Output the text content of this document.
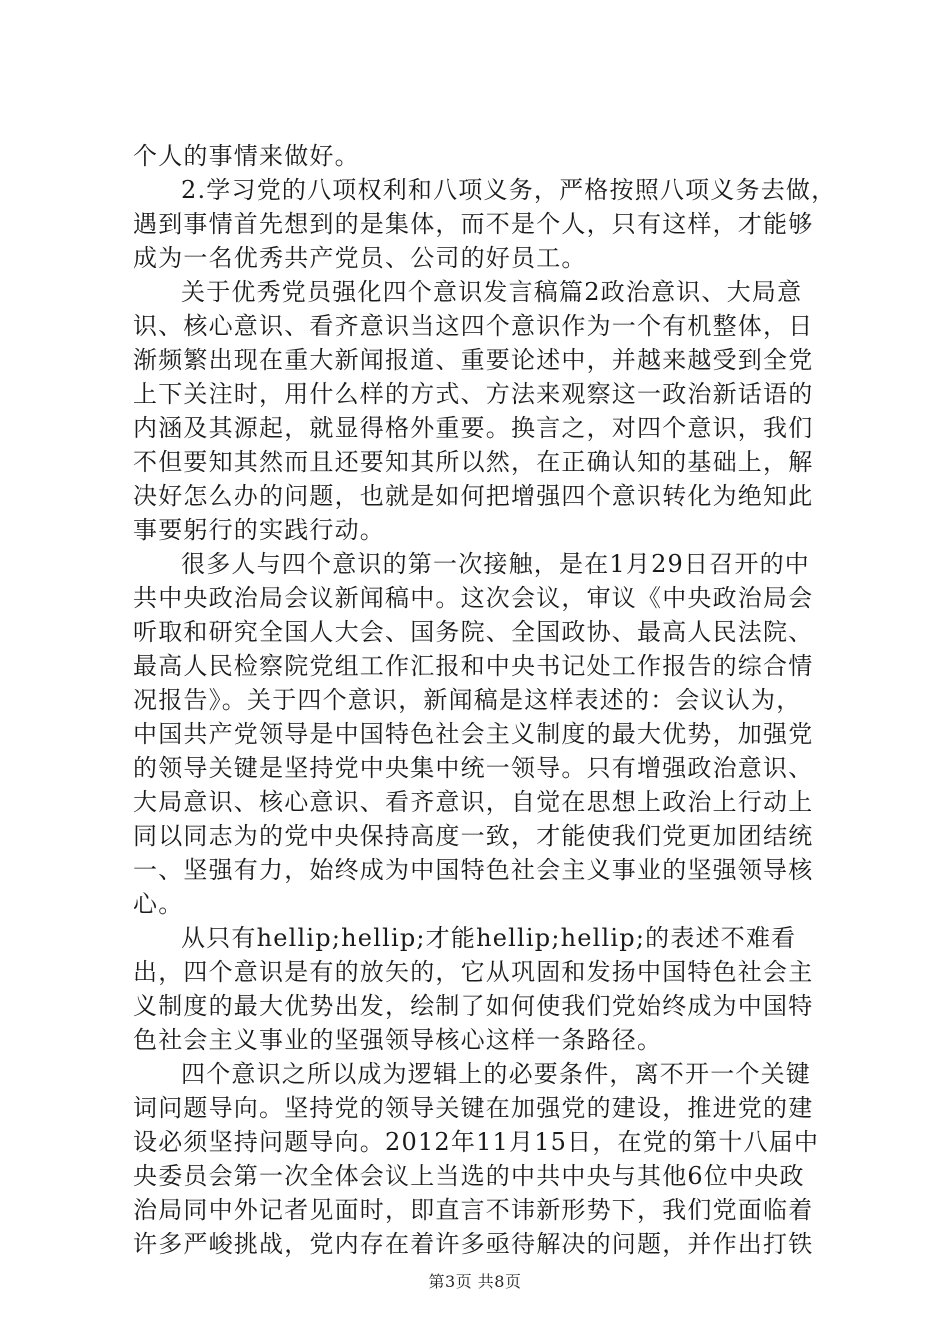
个人的事情来做好。
2.学习党的八项权利和八项义务，严格按照八项义务去做，
遇到事情首先想到的是集体，而不是个人，只有这样，才能够
成为一名优秀共产党员、公司的好员工。
关于优秀党员强化四个意识发言稿篇2政治意识、大局意
识、核心意识、看齐意识当这四个意识作为一个有机整体，日
渐频繁出现在重大新闻报道、重要论述中，并越来越受到全党
上下关注时，用什么样的方式、方法来观察这一政治新话语的
内涵及其源起，就显得格外重要。换言之，对四个意识，我们
不但要知其然而且还要知其所以然，在正确认知的基础上，解
决好怎么办的问题，也就是如何把增强四个意识转化为绝知此
事要躬行的实践行动。
很多人与四个意识的第一次接触，是在1月29日召开的中
共中央政治局会议新闻稿中。这次会议，审议《中央政治局会
听取和研究全国人大会、国务院、全国政协、最高人民法院、
最高人民检察院党组工作汇报和中央书记处工作报告的综合情
况报告》。关于四个意识，新闻稿是这样表述的：会议认为，
中国共产党领导是中国特色社会主义制度的最大优势，加强党
的领导关键是坚持党中央集中统一领导。只有增强政治意识、
大局意识、核心意识、看齐意识，自觉在思想上政治上行动上
同以同志为的党中央保持高度一致，才能使我们党更加团结统
一、坚强有力，始终成为中国特色社会主义事业的坚强领导核
心。
从只有hellip;hellip;才能hellip;hellip;的表述不难看
出，四个意识是有的放矢的，它从巩固和发扬中国特色社会主
义制度的最大优势出发，绘制了如何使我们党始终成为中国特
色社会主义事业的坚强领导核心这样一条路径。
四个意识之所以成为逻辑上的必要条件，离不开一个关键
词问题导向。坚持党的领导关键在加强党的建设，推进党的建
设必须坚持问题导向。2012年11月15日，在党的第十八届中
央委员会第一次全体会议上当选的中共中央与其他6位中央政
治局同中外记者见面时，即直言不讳新形势下，我们党面临着
许多严峻挑战，党内存在着许多亟待解决的问题，并作出打铁
第3页 共8页
